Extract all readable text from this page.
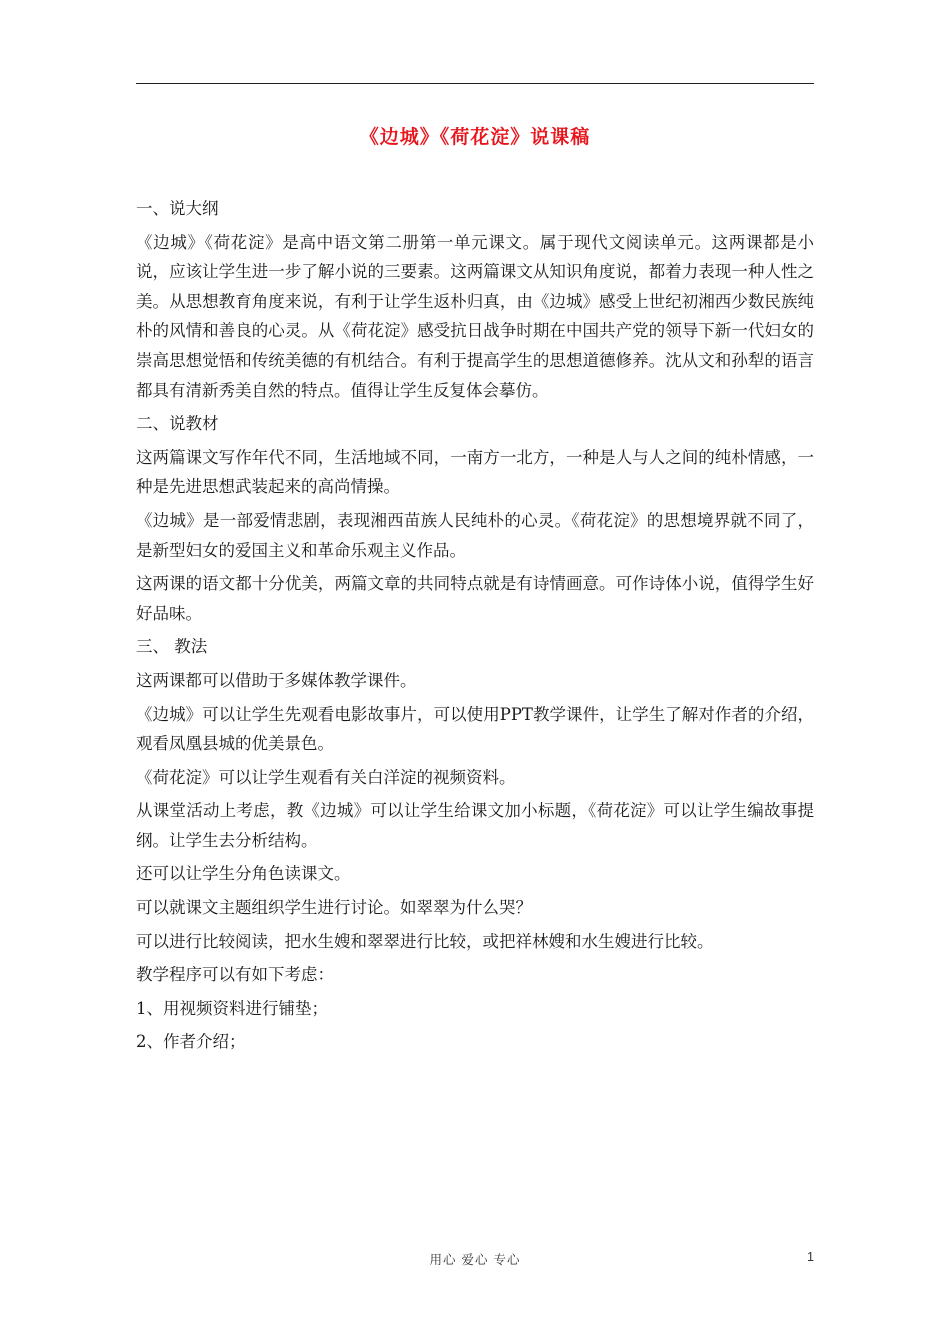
《边城》《荷花淀》说课稿

一、说大纲

《边城》《荷花淀》是高中语文第二册第一单元课文。属于现代文阅读单元。这两课都是小说，应该让学生进一步了解小说的三要素。这两篇课文从知识角度说，都着力表现一种人性之美。从思想教育角度来说，有利于让学生返朴归真，由《边城》感受上世纪初湘西少数民族纯朴的风情和善良的心灵。从《荷花淀》感受抗日战争时期在中国共产党的领导下新一代妇女的崇高思想觉悟和传统美德的有机结合。有利于提高学生的思想道德修养。沈从文和孙犁的语言都具有清新秀美自然的特点。值得让学生反复体会摹仿。

二、说教材

这两篇课文写作年代不同，生活地域不同，一南方一北方，一种是人与人之间的纯朴情感，一种是先进思想武装起来的高尚情操。

《边城》是一部爱情悲剧，表现湘西苗族人民纯朴的心灵。《荷花淀》的思想境界就不同了，是新型妇女的爱国主义和革命乐观主义作品。

这两课的语文都十分优美，两篇文章的共同特点就是有诗情画意。可作诗体小说，值得学生好好品味。

三、 教法

这两课都可以借助于多媒体教学课件。

《边城》可以让学生先观看电影故事片，可以使用PPT教学课件，让学生了解对作者的介绍，观看凤凰县城的优美景色。

《荷花淀》可以让学生观看有关白洋淀的视频资料。

从课堂活动上考虑，教《边城》可以让学生给课文加小标题，《荷花淀》可以让学生编故事提纲。让学生去分析结构。

还可以让学生分角色读课文。

可以就课文主题组织学生进行讨论。如翠翠为什么哭？

可以进行比较阅读，把水生嫂和翠翠进行比较，或把祥林嫂和水生嫂进行比较。

教学程序可以有如下考虑：

1、用视频资料进行铺垫；

2、作者介绍；

用心 爱心 专心	1
